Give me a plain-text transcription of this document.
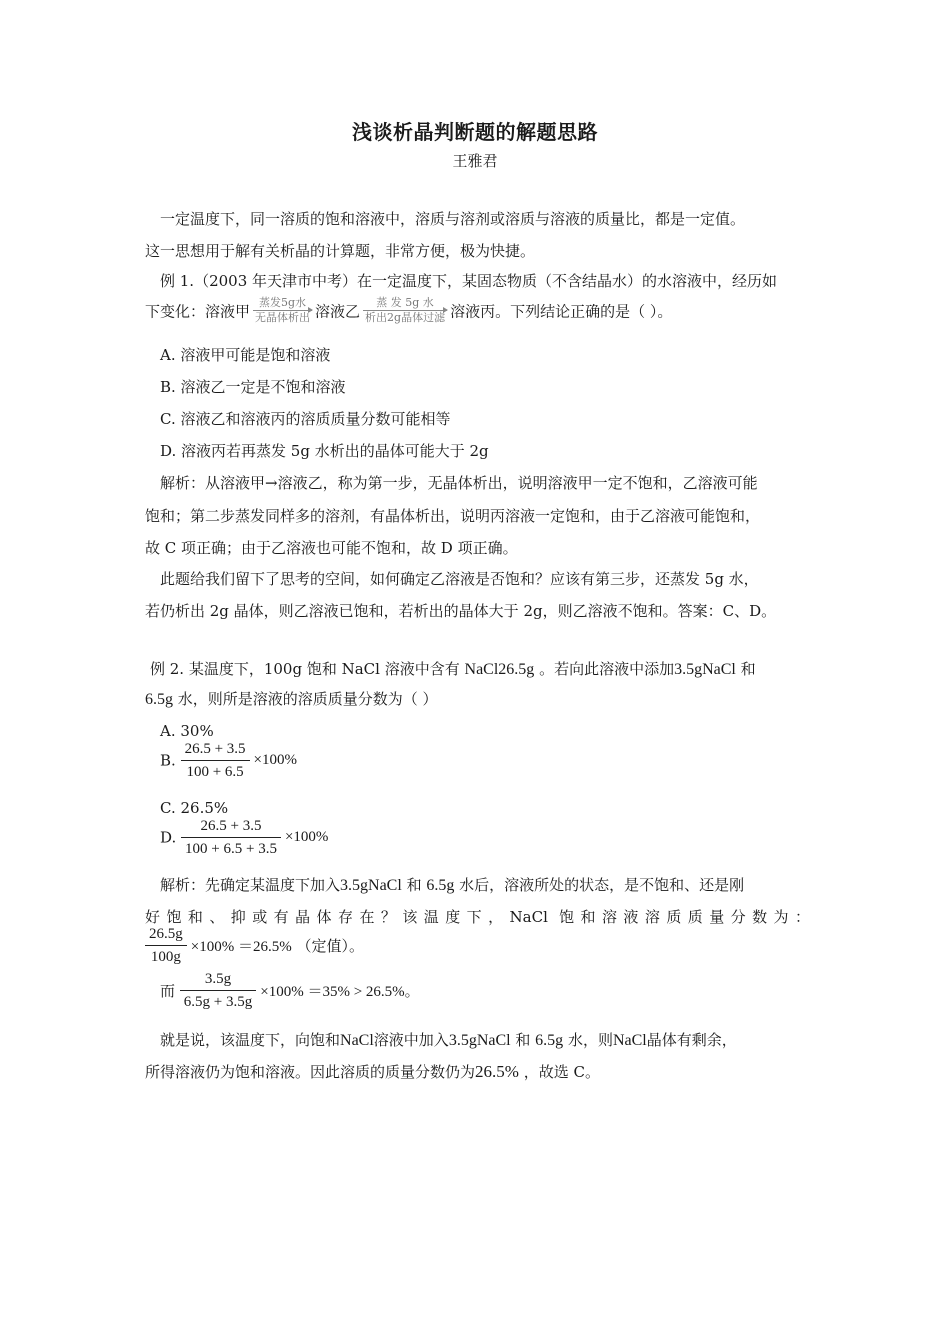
浅谈析晶判断题的解题思路
王雅君
一定温度下，同一溶质的饱和溶液中，溶质与溶剂或溶质与溶液的质量比，都是一定值。
这一思想用于解有关析晶的计算题，非常方便，极为快捷。
例 1.（2003 年天津市中考）在一定温度下，某固态物质（不含结晶水）的水溶液中，经历如
下变化：溶液甲 蒸发5g水
无晶体析出 溶液乙	蒸 发 5g 水
析出2g晶体过滤 溶液丙。下列结论正确的是（ ）。
A. 溶液甲可能是饱和溶液
B. 溶液乙一定是不饱和溶液
C. 溶液乙和溶液丙的溶质质量分数可能相等
D. 溶液丙若再蒸发 5g 水析出的晶体可能大于 2g
解析：从溶液甲→溶液乙，称为第一步，无晶体析出，说明溶液甲一定不饱和，乙溶液可能
饱和；第二步蒸发同样多的溶剂，有晶体析出，说明丙溶液一定饱和，由于乙溶液可能饱和，
故 C 项正确；由于乙溶液也可能不饱和，故 D 项正确。
此题给我们留下了思考的空间，如何确定乙溶液是否饱和？应该有第三步，还蒸发 5g 水，
若仍析出 2g 晶体，则乙溶液已饱和，若析出的晶体大于 2g，则乙溶液不饱和。答案：C、D。
例 2. 某温度下，100g 饱和 NaCl 溶液中含有 NaCl26.5g 。若向此溶液中添加3.5gNaCl 和
6.5g 水，则所是溶液的溶质质量分数为（ ）
A. 30%
B. $\frac{26.5 + 3.5}{100 + 6.5} \times 100\%$
C. 26.5%
D. $\frac{26.5 + 3.5}{100 + 6.5 + 3.5} \times 100\%$
解析：先确定某温度下加入3.5gNaCl 和 6.5g 水后，溶液所处的状态，是不饱和、还是刚
好饱和、抑或有晶体存在？该温度下，NaCl 饱和溶液溶质质量分数为：
$\frac{26.5g}{100g} \times 100\% =26.5\%$ （定值）。
而 $\frac{3.5g}{6.5g + 3.5g} \times 100\% =35\% > 26.5\%$。
就是说，该温度下，向饱和NaCl溶液中加入3.5gNaCl 和 6.5g 水，则NaCl晶体有剩余，
所得溶液仍为饱和溶液。因此溶质的质量分数仍为26.5% ，故选 C。
